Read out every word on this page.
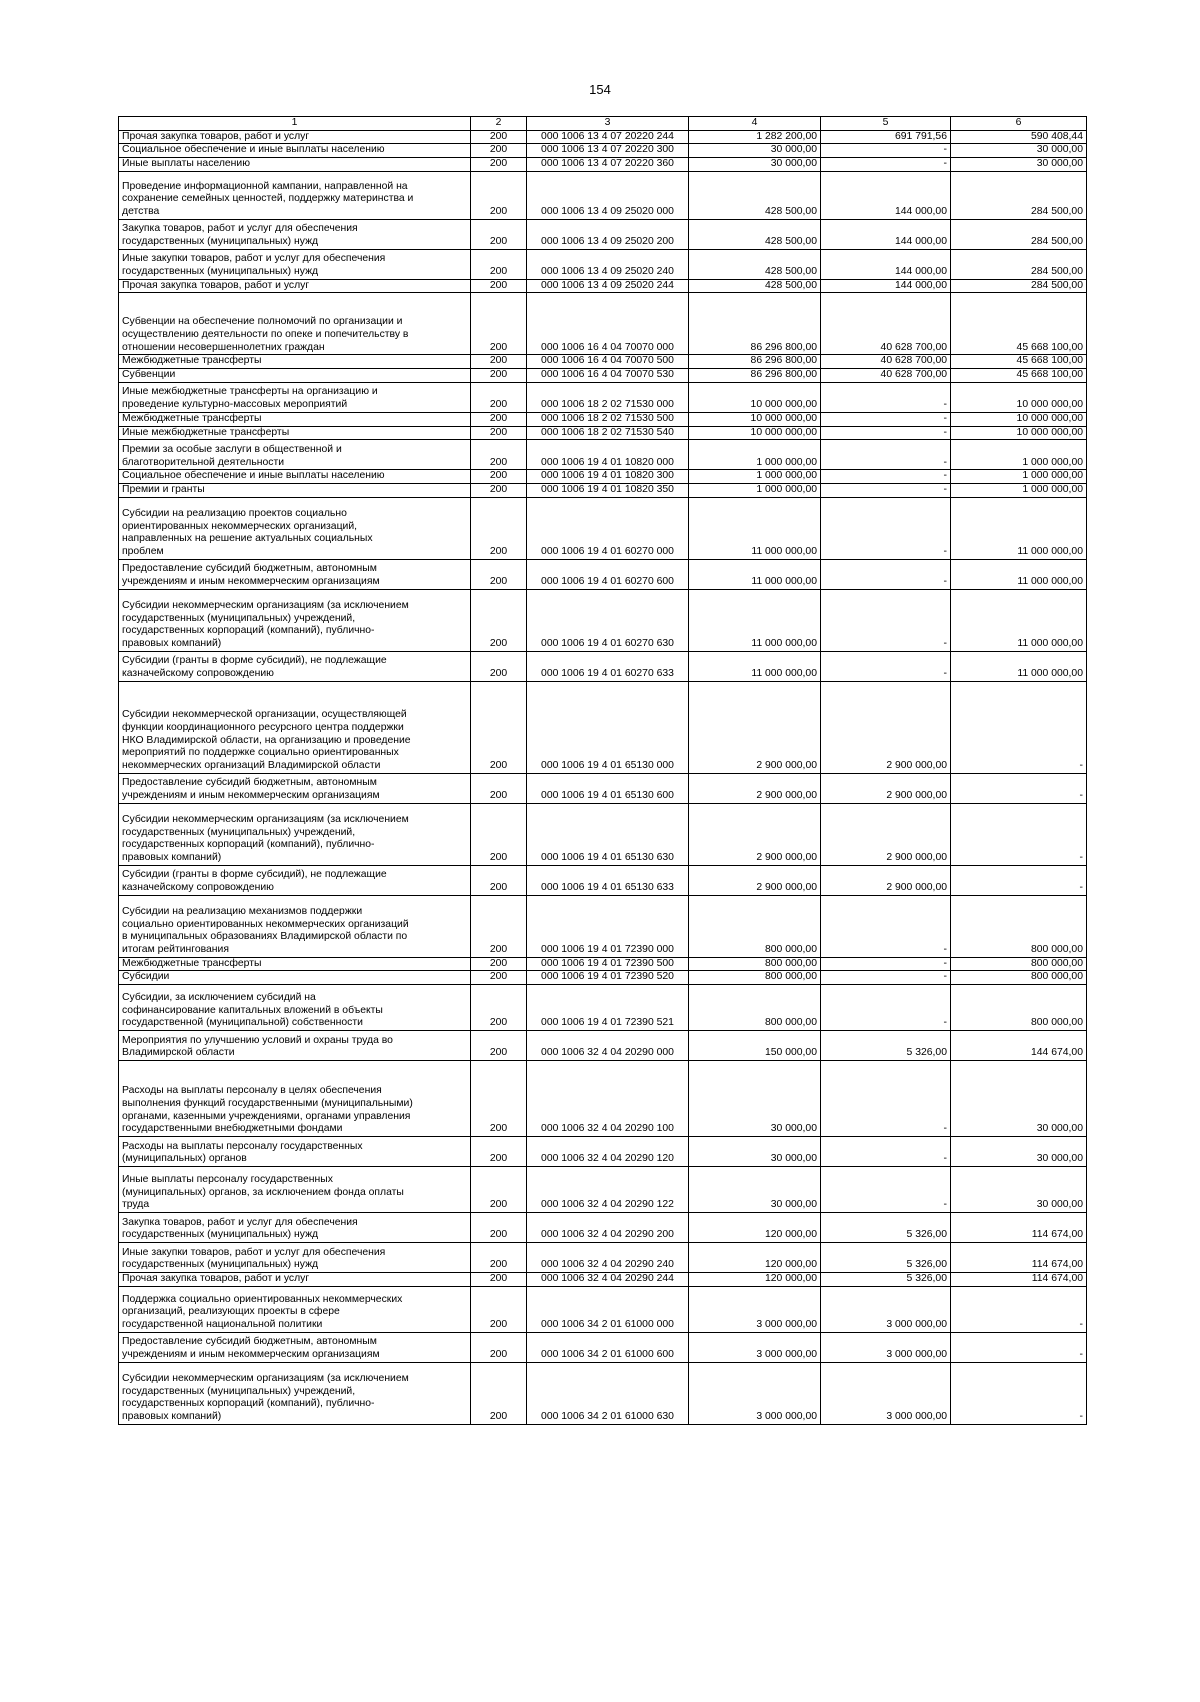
154
1	2	3	4	5	6
Прочая закупка товаров, работ и услуг	200	000 1006 13 4 07 20220 244	1 282 200,00	691 791,56	590 408,44
Социальное обеспечение и иные выплаты населению	200	000 1006 13 4 07 20220 300	30 000,00	-	30 000,00
Иные выплаты населению	200	000 1006 13 4 07 20220 360	30 000,00	-	30 000,00
Проведение информационной кампании, направленной на
сохранение семейных ценностей, поддержку материнства и
детства	200	000 1006 13 4 09 25020 000	428 500,00	144 000,00	284 500,00
Закупка товаров, работ и услуг для обеспечения
государственных (муниципальных) нужд	200	000 1006 13 4 09 25020 200	428 500,00	144 000,00	284 500,00
Иные закупки товаров, работ и услуг для обеспечения
государственных (муниципальных) нужд	200	000 1006 13 4 09 25020 240	428 500,00	144 000,00	284 500,00
Прочая закупка товаров, работ и услуг	200	000 1006 13 4 09 25020 244	428 500,00	144 000,00	284 500,00
Субвенции на обеспечение полномочий по организации и
осуществлению деятельности по опеке и попечительству в
отношении несовершеннолетних граждан	200	000 1006 16 4 04 70070 000	86 296 800,00	40 628 700,00	45 668 100,00
Межбюджетные трансферты	200	000 1006 16 4 04 70070 500	86 296 800,00	40 628 700,00	45 668 100,00
Субвенции	200	000 1006 16 4 04 70070 530	86 296 800,00	40 628 700,00	45 668 100,00
Иные межбюджетные трансферты на организацию и
проведение культурно-массовых мероприятий	200	000 1006 18 2 02 71530 000	10 000 000,00	-	10 000 000,00
Межбюджетные трансферты	200	000 1006 18 2 02 71530 500	10 000 000,00	-	10 000 000,00
Иные межбюджетные трансферты	200	000 1006 18 2 02 71530 540	10 000 000,00	-	10 000 000,00
Премии за особые заслуги в общественной и
благотворительной деятельности	200	000 1006 19 4 01 10820 000	1 000 000,00	-	1 000 000,00
Социальное обеспечение и иные выплаты населению	200	000 1006 19 4 01 10820 300	1 000 000,00	-	1 000 000,00
Премии и гранты	200	000 1006 19 4 01 10820 350	1 000 000,00	-	1 000 000,00
Субсидии на реализацию проектов социально
ориентированных некоммерческих организаций,
направленных на решение актуальных социальных
проблем	200	000 1006 19 4 01 60270 000	11 000 000,00	-	11 000 000,00
Предоставление субсидий бюджетным, автономным
учреждениям и иным некоммерческим организациям	200	000 1006 19 4 01 60270 600	11 000 000,00	-	11 000 000,00
Субсидии некоммерческим организациям (за исключением
государственных (муниципальных) учреждений,
государственных корпораций (компаний), публично-
правовых компаний)	200	000 1006 19 4 01 60270 630	11 000 000,00	-	11 000 000,00
Субсидии (гранты в форме субсидий), не подлежащие
казначейскому сопровождению	200	000 1006 19 4 01 60270 633	11 000 000,00	-	11 000 000,00
Субсидии некоммерческой организации, осуществляющей
функции координационного ресурсного центра поддержки
НКО Владимирской области, на организацию и проведение
мероприятий по поддержке социально ориентированных
некоммерческих организаций Владимирской области	200	000 1006 19 4 01 65130 000	2 900 000,00	2 900 000,00	-
Предоставление субсидий бюджетным, автономным
учреждениям и иным некоммерческим организациям	200	000 1006 19 4 01 65130 600	2 900 000,00	2 900 000,00	-
Субсидии некоммерческим организациям (за исключением
государственных (муниципальных) учреждений,
государственных корпораций (компаний), публично-
правовых компаний)	200	000 1006 19 4 01 65130 630	2 900 000,00	2 900 000,00	-
Субсидии (гранты в форме субсидий), не подлежащие
казначейскому сопровождению	200	000 1006 19 4 01 65130 633	2 900 000,00	2 900 000,00	-
Субсидии на реализацию механизмов поддержки
социально ориентированных некоммерческих организаций
в муниципальных образованиях Владимирской области по
итогам рейтингования	200	000 1006 19 4 01 72390 000	800 000,00	-	800 000,00
Межбюджетные трансферты	200	000 1006 19 4 01 72390 500	800 000,00	-	800 000,00
Субсидии	200	000 1006 19 4 01 72390 520	800 000,00	-	800 000,00
Субсидии, за исключением субсидий на
софинансирование капитальных вложений в объекты
государственной (муниципальной) собственности	200	000 1006 19 4 01 72390 521	800 000,00	-	800 000,00
Мероприятия по улучшению условий и охраны труда во
Владимирской области	200	000 1006 32 4 04 20290 000	150 000,00	5 326,00	144 674,00
Расходы на выплаты персоналу в целях обеспечения
выполнения функций государственными (муниципальными)
органами, казенными учреждениями, органами управления
государственными внебюджетными фондами	200	000 1006 32 4 04 20290 100	30 000,00	-	30 000,00
Расходы на выплаты персоналу государственных
(муниципальных) органов	200	000 1006 32 4 04 20290 120	30 000,00	-	30 000,00
Иные выплаты персоналу государственных
(муниципальных) органов, за исключением фонда оплаты
труда	200	000 1006 32 4 04 20290 122	30 000,00	-	30 000,00
Закупка товаров, работ и услуг для обеспечения
государственных (муниципальных) нужд	200	000 1006 32 4 04 20290 200	120 000,00	5 326,00	114 674,00
Иные закупки товаров, работ и услуг для обеспечения
государственных (муниципальных) нужд	200	000 1006 32 4 04 20290 240	120 000,00	5 326,00	114 674,00
Прочая закупка товаров, работ и услуг	200	000 1006 32 4 04 20290 244	120 000,00	5 326,00	114 674,00
Поддержка социально ориентированных некоммерческих
организаций, реализующих проекты в сфере
государственной национальной политики	200	000 1006 34 2 01 61000 000	3 000 000,00	3 000 000,00	-
Предоставление субсидий бюджетным, автономным
учреждениям и иным некоммерческим организациям	200	000 1006 34 2 01 61000 600	3 000 000,00	3 000 000,00	-
Субсидии некоммерческим организациям (за исключением
государственных (муниципальных) учреждений,
государственных корпораций (компаний), публично-
правовых компаний)	200	000 1006 34 2 01 61000 630	3 000 000,00	3 000 000,00	-
